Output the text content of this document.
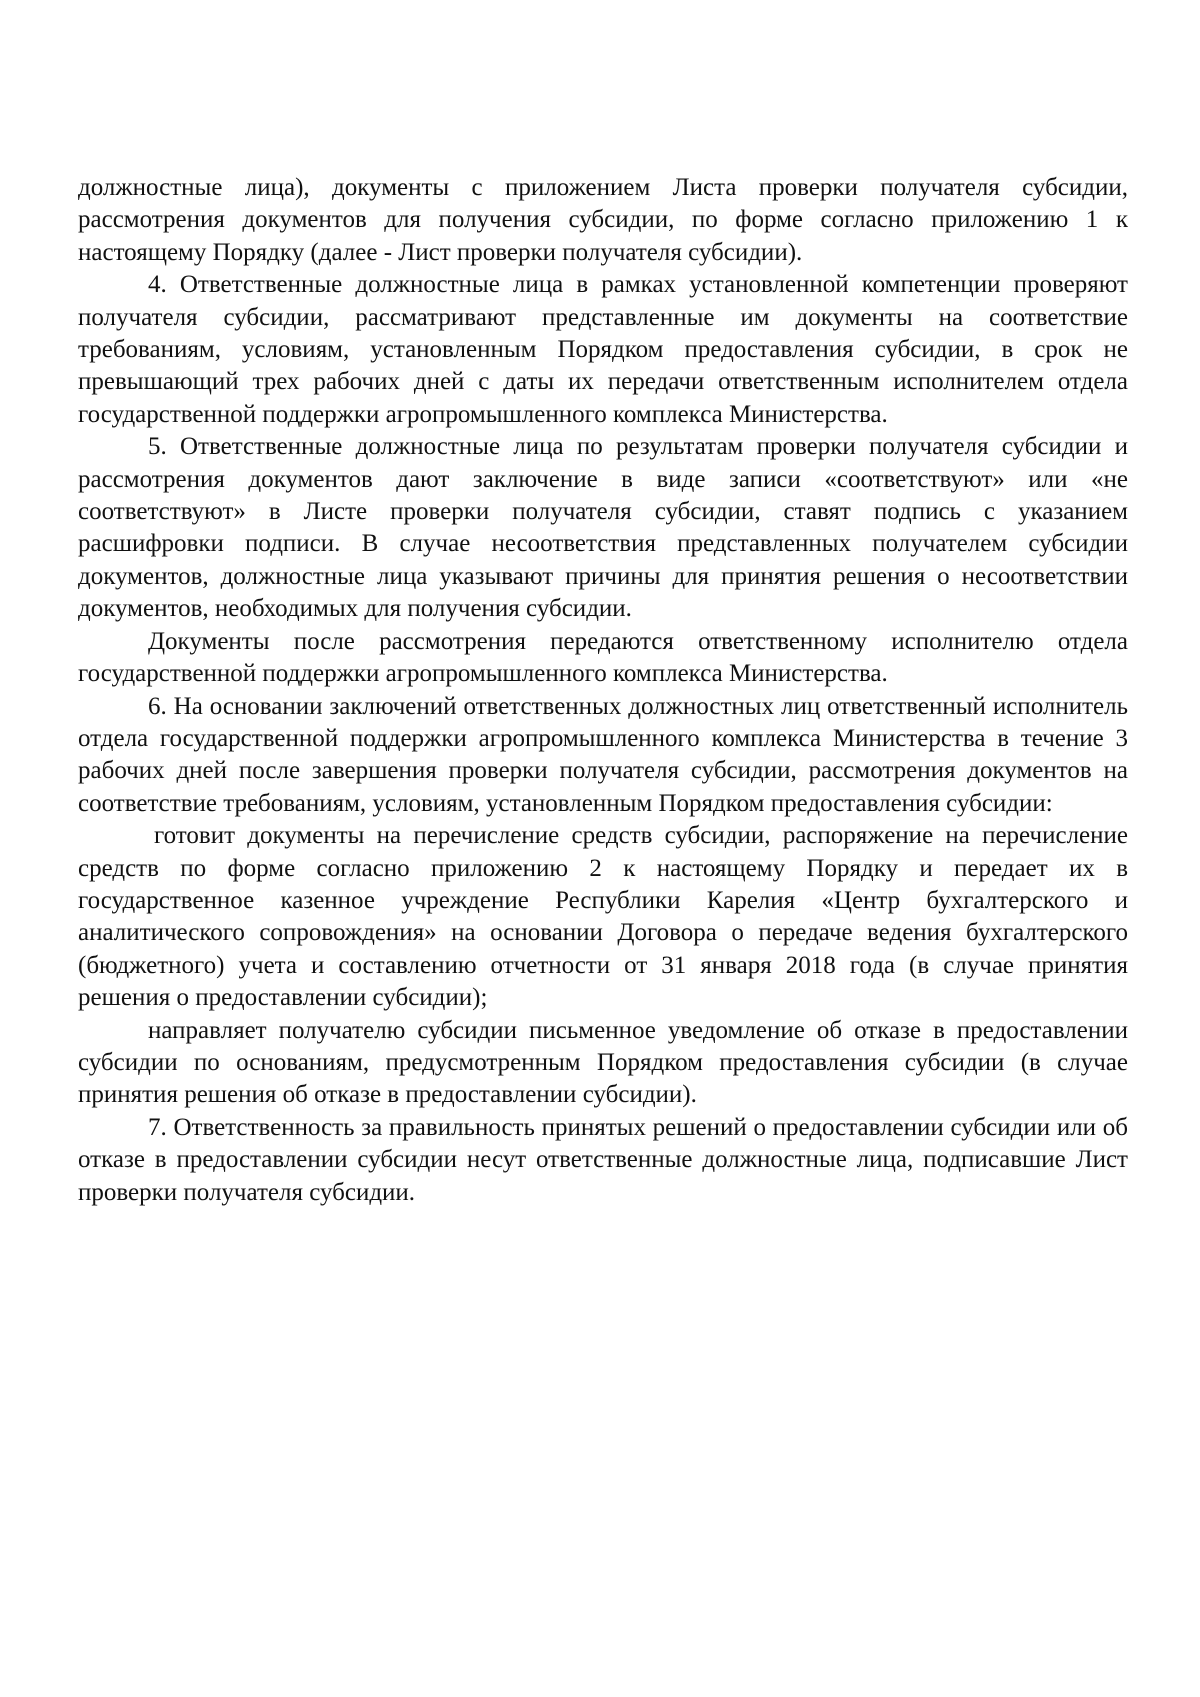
должностные лица), документы с приложением Листа проверки получателя субсидии, рассмотрения документов для получения субсидии, по форме согласно приложению 1 к настоящему Порядку (далее - Лист проверки получателя субсидии).

4. Ответственные должностные лица в рамках установленной компетенции проверяют получателя субсидии, рассматривают представленные им документы на соответствие требованиям, условиям, установленным Порядком предоставления субсидии, в срок не превышающий трех рабочих дней с даты их передачи ответственным исполнителем отдела государственной поддержки агропромышленного комплекса Министерства.

5. Ответственные должностные лица по результатам проверки получателя субсидии и рассмотрения документов дают заключение в виде записи «соответствуют» или «не соответствуют» в Листе проверки получателя субсидии, ставят подпись с указанием расшифровки подписи. В случае несоответствия представленных получателем субсидии документов, должностные лица указывают причины для принятия решения о несоответствии документов, необходимых для получения субсидии.

Документы после рассмотрения передаются ответственному исполнителю отдела государственной поддержки агропромышленного комплекса Министерства.

6. На основании заключений ответственных должностных лиц ответственный исполнитель отдела государственной поддержки агропромышленного комплекса Министерства в течение 3 рабочих дней после завершения проверки получателя субсидии, рассмотрения документов на соответствие требованиям, условиям, установленным Порядком предоставления субсидии:

готовит документы на перечисление средств субсидии, распоряжение на перечисление средств по форме согласно приложению 2 к настоящему Порядку и передает их в государственное казенное учреждение Республики Карелия «Центр бухгалтерского и аналитического сопровождения» на основании Договора о передаче ведения бухгалтерского (бюджетного) учета и составлению отчетности от 31 января 2018 года (в случае принятия решения о предоставлении субсидии);

направляет получателю субсидии письменное уведомление об отказе в предоставлении субсидии по основаниям, предусмотренным Порядком предоставления субсидии (в случае принятия решения об отказе в предоставлении субсидии).

7. Ответственность за правильность принятых решений о предоставлении субсидии или об отказе в предоставлении субсидии несут ответственные должностные лица, подписавшие Лист проверки получателя субсидии.
